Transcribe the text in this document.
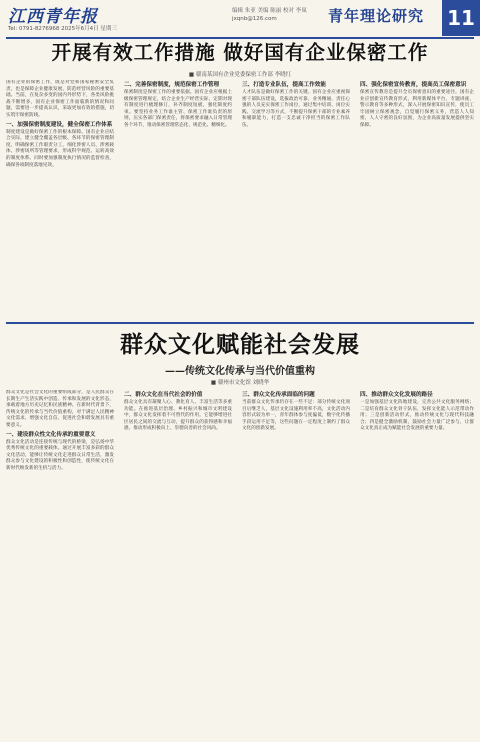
江西青年报
Tel: 0791-8276968 2025年6月4日 星期三
编辑 朱亚 美编 陈丽 校对 李岚
jxqnb@126.com	青年理论研究 11
开展有效工作措施 做好国有企业保密工作
■ 赣南某国有企业党委保密工作部 李晓红
国有企业的保密工作，既是对党和国家秘密安全负责，也是保障企业健康发展、防范经营风险的重要基础。当前，在复杂多变的国内外形势下，各类风险挑战不断增多，国有企业保密工作面临新的情况和问题，需要进一步提高认识，采取更加有效的措施，切实筑牢保密防线。
一、加强保密制度建设，健全保密工作体系
制度建设是做好保密工作的根本保障。国有企业应结合实际，建立健全覆盖各层级、各环节的保密管理制度，明确保密工作职责分工，细化涉密人员、涉密载体、涉密场所等管理要求，形成科学规范、运转高效的制度体系。同时要加强制度执行情况的监督检查，确保各项制度落地见效。
二、完善保密制度，规范保密工作管理
保密制度是保密工作的重要依据。国有企业应根据上级保密管理规定，结合企业生产经营实际，定期对现有制度进行梳理修订，补齐制度短板，强化制度约束。要坚持业务工作谁主管、保密工作谁负责的原则，压实各部门保密责任，将保密要求融入日常管理各个环节，推动保密管理常态化、规范化、精细化。
三、打造专业队伍，提高工作效能
人才队伍是做好保密工作的关键。国有企业应重视保密干部队伍建设，选拔政治可靠、业务精通、责任心强的人员充实保密工作岗位，通过集中培训、岗位实践、交流学习等方式，不断提升保密干部的专业素养和履职能力，打造一支忠诚干净担当的保密工作队伍。
四、强化保密宣传教育，提高员工保密意识
保密宣传教育是提升全员保密意识的重要途径。国有企业应创新宣传教育形式，利用新媒体平台、专题讲座、警示教育等多种形式，深入开展保密知识宣传，使员工牢固树立保密观念，自觉履行保密义务，营造人人知密、人人守密的良好氛围，为企业高质量发展提供坚实保障。
群众文化赋能社会发展
——传统文化传承与当代价值重构
■ 赣州市文化馆 刘晓华
群众文化是社会文化的重要组成部分，是人民群众在长期生产生活实践中创造、传承和发展的文化形态，承载着地方历史记忆和民族精神。在新时代背景下，传统文化的传承与当代价值重构，对于满足人民精神文化需求、增强文化自信、促进社会和谐发展具有重要意义。
一、建设群众性文化传承的重要意义
群众文化活动是连接传统与现代的桥梁，是弘扬中华优秀传统文化的重要载体。通过开展丰富多彩的群众文化活动，能够让传统文化走进群众日常生活，激发群众参与文化建设的积极性和创造性，使传统文化在新时代焕发新的生机与活力。
二、群众文化在当代社会的价值
群众文化具有凝聚人心、教化育人、丰富生活等多重功能。在推进基层治理、乡村振兴和城市文明建设中，群众文化发挥着不可替代的作用。它能够增进社区居民之间的交流与互动，提升群众的获得感和幸福感，推动形成积极向上、崇德向善的社会风尚。
三、群众文化传承面临的问题
当前群众文化传承仍存在一些不足：部分传统文化项目后继乏人，基层文化设施利用率不高，文化活动内容形式较为单一，青年群体参与度偏低，数字化传播手段运用不足等，这些问题在一定程度上制约了群众文化的创新发展。
四、推动群众文化发展的路径
一是加强基层文化阵地建设，完善公共文化服务网络；二是培育群众文化骨干队伍，发挥文化能人示范带动作用；三是创新活动形式，推动传统文化与现代科技融合；四是健全激励机制，鼓励社会力量广泛参与，让群众文化真正成为赋能社会发展的重要力量。
